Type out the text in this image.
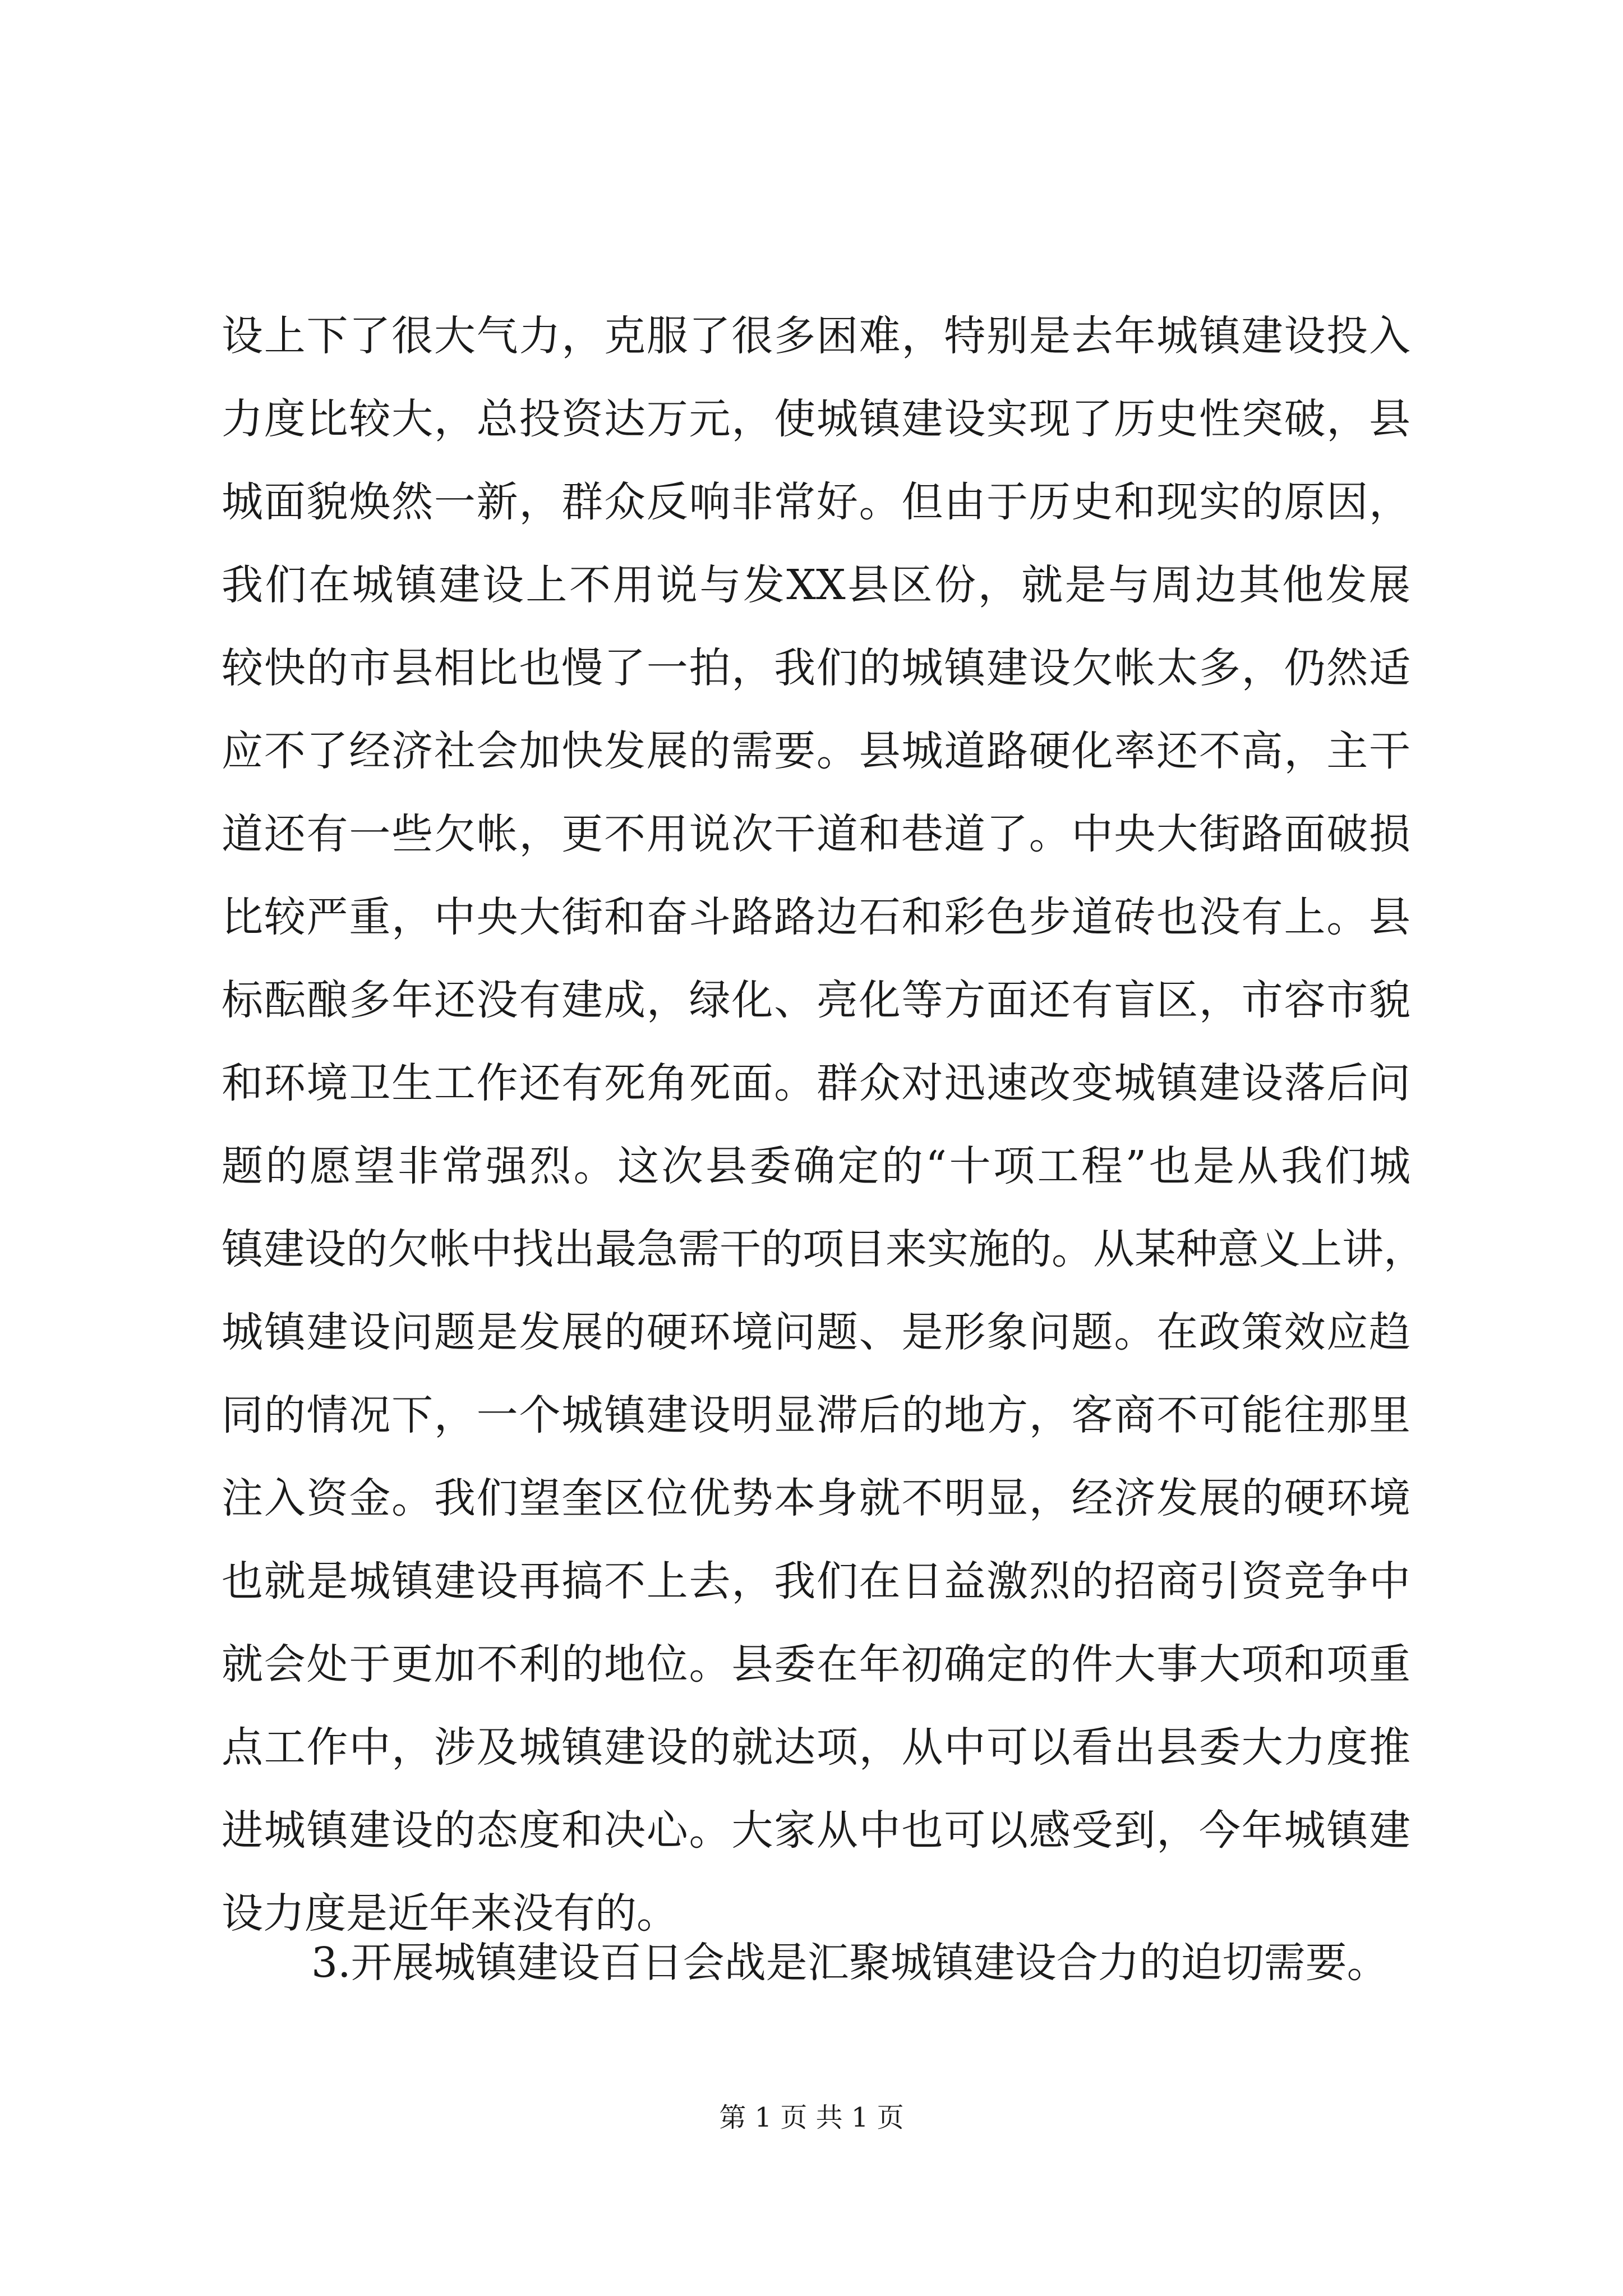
设上下了很大气力，克服了很多困难，特别是去年城镇建设投入
力度比较大，总投资达万元，使城镇建设实现了历史性突破，县
城面貌焕然一新，群众反响非常好。但由于历史和现实的原因，
我们在城镇建设上不用说与发XX县区份，就是与周边其他发展
较快的市县相比也慢了一拍，我们的城镇建设欠帐太多，仍然适
应不了经济社会加快发展的需要。县城道路硬化率还不高，主干
道还有一些欠帐，更不用说次干道和巷道了。中央大街路面破损
比较严重，中央大街和奋斗路路边石和彩色步道砖也没有上。县
标酝酿多年还没有建成，绿化、亮化等方面还有盲区，市容市貌
和环境卫生工作还有死角死面。群众对迅速改变城镇建设落后问
题的愿望非常强烈。这次县委确定的“十项工程”也是从我们城
镇建设的欠帐中找出最急需干的项目来实施的。从某种意义上讲，
城镇建设问题是发展的硬环境问题、是形象问题。在政策效应趋
同的情况下，一个城镇建设明显滞后的地方，客商不可能往那里
注入资金。我们望奎区位优势本身就不明显，经济发展的硬环境
也就是城镇建设再搞不上去，我们在日益激烈的招商引资竞争中
就会处于更加不利的地位。县委在年初确定的件大事大项和项重
点工作中，涉及城镇建设的就达项，从中可以看出县委大力度推
进城镇建设的态度和决心。大家从中也可以感受到，今年城镇建
设力度是近年来没有的。
3.开展城镇建设百日会战是汇聚城镇建设合力的迫切需要。
第 1 页 共 1 页
